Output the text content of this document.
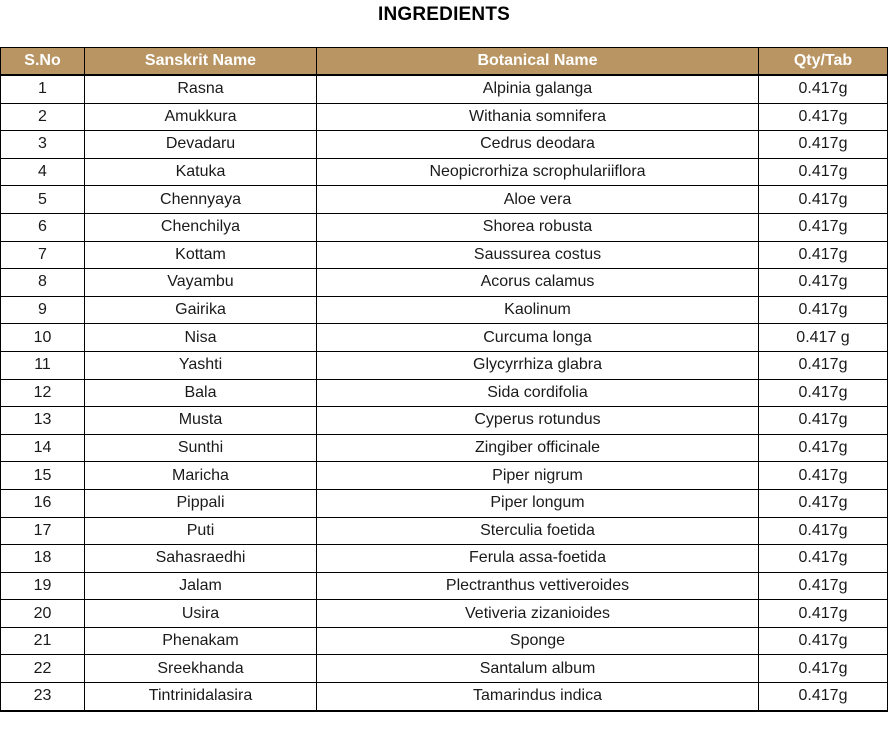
INGREDIENTS
S.No	Sanskrit Name	Botanical Name	Qty/Tab
1	Rasna	Alpinia galanga	0.417g
2	Amukkura	Withania somnifera	0.417g
3	Devadaru	Cedrus deodara	0.417g
4	Katuka	Neopicrorhiza scrophulariiflora	0.417g
5	Chennyaya	Aloe vera	0.417g
6	Chenchilya	Shorea robusta	0.417g
7	Kottam	Saussurea costus	0.417g
8	Vayambu	Acorus calamus	0.417g
9	Gairika	Kaolinum	0.417g
10	Nisa	Curcuma longa	0.417 g
11	Yashti	Glycyrrhiza glabra	0.417g
12	Bala	Sida cordifolia	0.417g
13	Musta	Cyperus rotundus	0.417g
14	Sunthi	Zingiber officinale	0.417g
15	Maricha	Piper nigrum	0.417g
16	Pippali	Piper longum	0.417g
17	Puti	Sterculia foetida	0.417g
18	Sahasraedhi	Ferula assa-foetida	0.417g
19	Jalam	Plectranthus vettiveroides	0.417g
20	Usira	Vetiveria zizanioides	0.417g
21	Phenakam	Sponge	0.417g
22	Sreekhanda	Santalum album	0.417g
23	Tintrinidalasira	Tamarindus indica	0.417g
